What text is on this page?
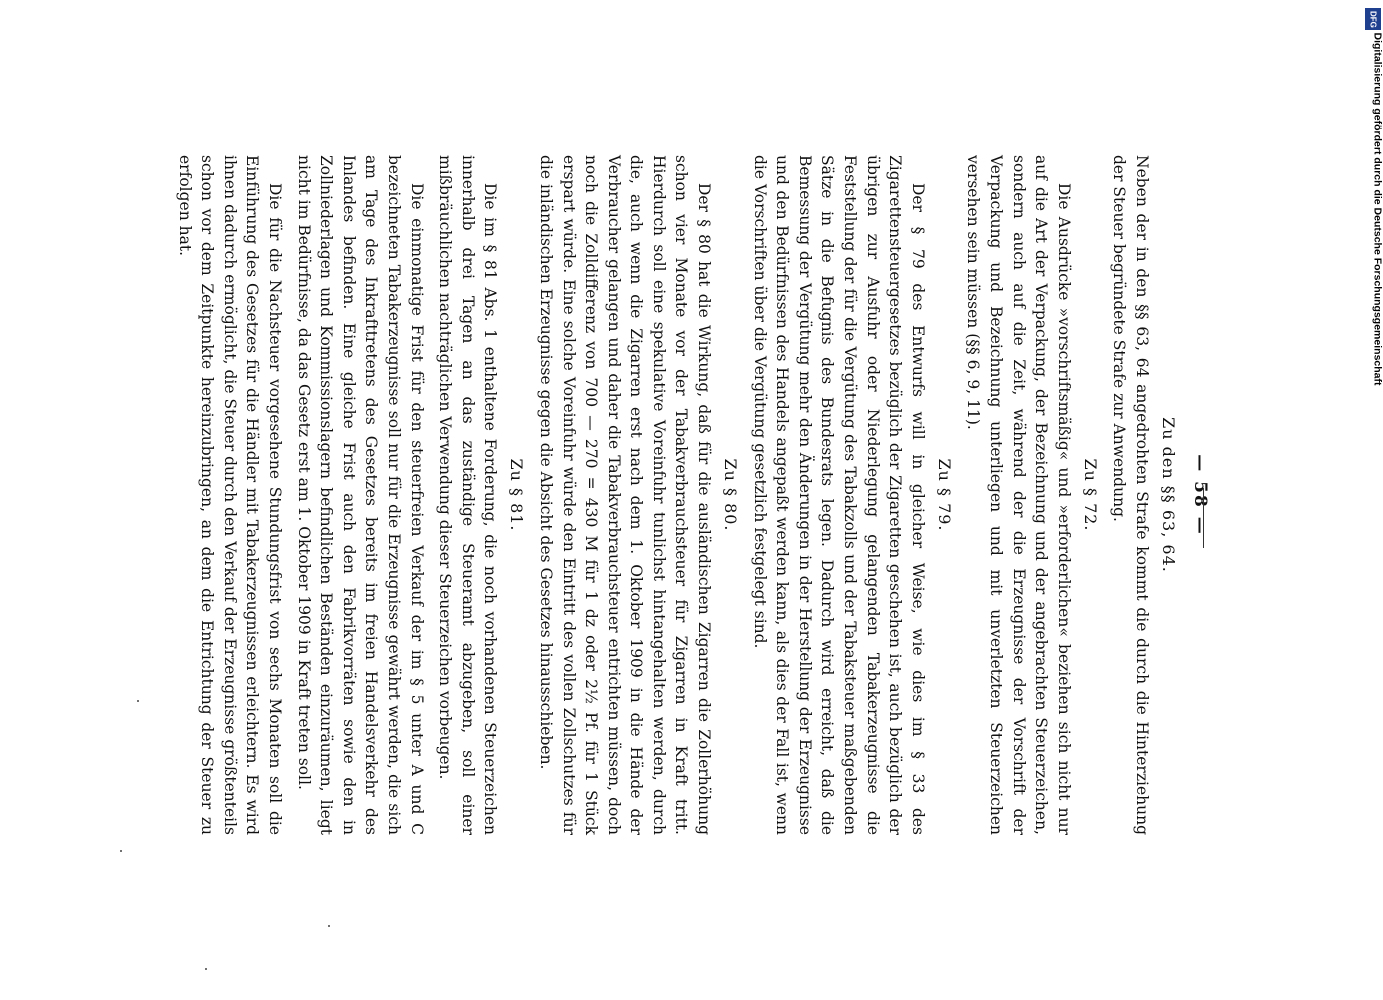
— 58 —
Zu den §§ 63, 64.

Neben der in den §§ 63, 64 angedrohten Strafe kommt die durch die Hinterziehung der Steuer begründete Strafe zur Anwendung.

Zu § 72.

Die Ausdrücke »vorschriftsmäßig« und »erforderlichen« beziehen sich nicht nur auf die Art der Verpackung, der Bezeichnung und der angebrachten Steuerzeichen, sondern auch auf die Zeit, während der die Erzeugnisse der Vorschrift der Verpackung und Bezeichnung unterliegen und mit unverletzten Steuerzeichen versehen sein müssen (§§ 6, 9, 11).

Zu § 79.

Der § 79 des Entwurfs will in gleicher Weise, wie dies im § 33 des Zigarettensteuergesetzes bezüglich der Zigaretten geschehen ist, auch bezüglich der übrigen zur Ausfuhr oder Niederlegung gelangenden Tabakerzeugnisse die Feststellung der für die Vergütung des Tabakzolls und der Tabaksteuer maßgebenden Sätze in die Befugnis des Bundesrats legen. Dadurch wird erreicht, daß die Bemessung der Vergütung mehr den Änderungen in der Herstellung der Erzeugnisse und den Bedürfnissen des Handels angepaßt werden kann, als dies der Fall ist, wenn die Vorschriften über die Vergütung gesetzlich festgelegt sind.

Zu § 80.

Der § 80 hat die Wirkung, daß für die ausländischen Zigarren die Zollerhöhung schon vier Monate vor der Tabakverbrauchsteuer für Zigarren in Kraft tritt. Hierdurch soll eine spekulative Voreinfuhr tunlichst hintangehalten werden, durch die, auch wenn die Zigarren erst nach dem 1. Oktober 1909 in die Hände der Verbraucher gelangen und daher die Tabakverbrauchsteuer entrichten müssen, doch noch die Zolldifferenz von 700 — 270 = 430 M für 1 dz oder 2½ Pf. für 1 Stück erspart würde. Eine solche Voreinfuhr würde den Eintritt des vollen Zollschutzes für die inländischen Erzeugnisse gegen die Absicht des Gesetzes hinausschieben.

Zu § 81.

Die im § 81 Abs. 1 enthaltene Forderung, die noch vorhandenen Steuerzeichen innerhalb drei Tagen an das zuständige Steueramt abzugeben, soll einer mißbräuchlichen nachträglichen Verwendung dieser Steuerzeichen vorbeugen.

Die einmonatige Frist für den steuerfreien Verkauf der im § 5 unter A und C bezeichneten Tabakerzeugnisse soll nur für die Erzeugnisse gewährt werden, die sich am Tage des Inkrafttretens des Gesetzes bereits im freien Handelsverkehr des Inlandes befinden. Eine gleiche Frist auch den Fabrikvorräten sowie den in Zollniederlagen und Kommissionslagern befindlichen Beständen einzuräumen, liegt nicht im Bedürfnisse, da das Gesetz erst am 1. Oktober 1909 in Kraft treten soll.

Die für die Nachsteuer vorgesehene Stundungsfrist von sechs Monaten soll die Einführung des Gesetzes für die Händler mit Tabakerzeugnissen erleichtern. Es wird ihnen dadurch ermöglicht, die Steuer durch den Verkauf der Erzeugnisse größtenteils schon vor dem Zeitpunkte hereinzubringen, an dem die Entrichtung der Steuer zu erfolgen hat.

DFG
Digitalisierung gefördert durch die Deutsche Forschungsgemeinschaft
